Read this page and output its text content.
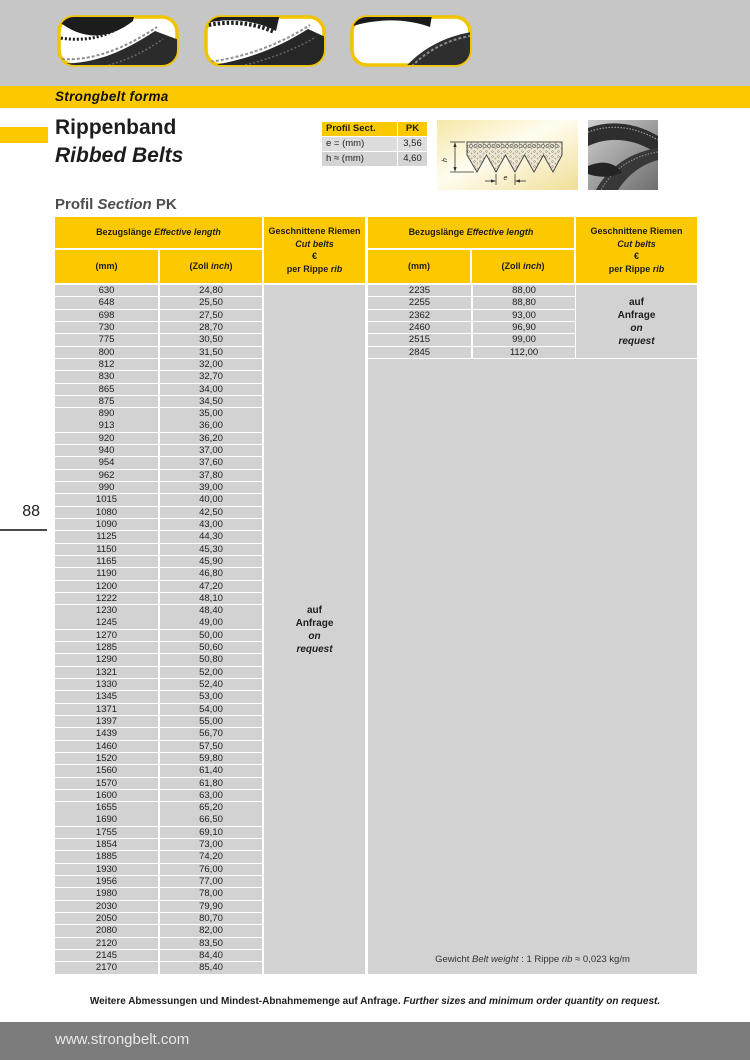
Strongbelt forma
Rippenband
Ribbed Belts
Profil Sect.	PK
e = (mm)	3,56
h ≈ (mm)	4,60	h
e
Profil Section PK
Bezugslänge Effective length	Geschnittene Riemen
Cut belts
€
per Rippe rib
(mm)	(Zoll inch)
Bezugslänge Effective length	Geschnittene Riemen
Cut belts
€
per Rippe rib
(mm)	(Zoll inch)
630	24,80
648	25,50
698	27,50
730	28,70
775	30,50
800	31,50
812	32,00
830	32,70
865	34,00
875	34,50
890	35,00
913	36,00
920	36,20
940	37,00
954	37,60
962	37,80
990	39,00
1015	40,00
1080	42,50
1090	43,00
1125	44,30
1150	45,30
1165	45,90
1190	46,80
1200	47,20
1222	48,10
1230	48,40
1245	49,00
1270	50,00
1285	50,60
1290	50,80
1321	52,00
1330	52,40
1345	53,00
1371	54,00
1397	55,00
1439	56,70
1460	57,50
1520	59,80
1560	61,40
1570	61,80
1600	63,00
1655	65,20
1690	66,50
1755	69,10
1854	73,00
1885	74,20
1930	76,00
1956	77,00
1980	78,00
2030	79,90
2050	80,70
2080	82,00
2120	83,50
2145	84,40
2170	85,40
auf
Anfrage
on
request
2235	88,00
2255	88,80
2362	93,00
2460	96,90
2515	99,00
2845	112,00
auf
Anfrage
on
request
Gewicht Belt weight : 1 Rippe rib ≈ 0,023 kg/m
88
Weitere Abmessungen und Mindest-Abnahmemenge auf Anfrage. Further sizes and minimum order quantity on request.
www.strongbelt.com
